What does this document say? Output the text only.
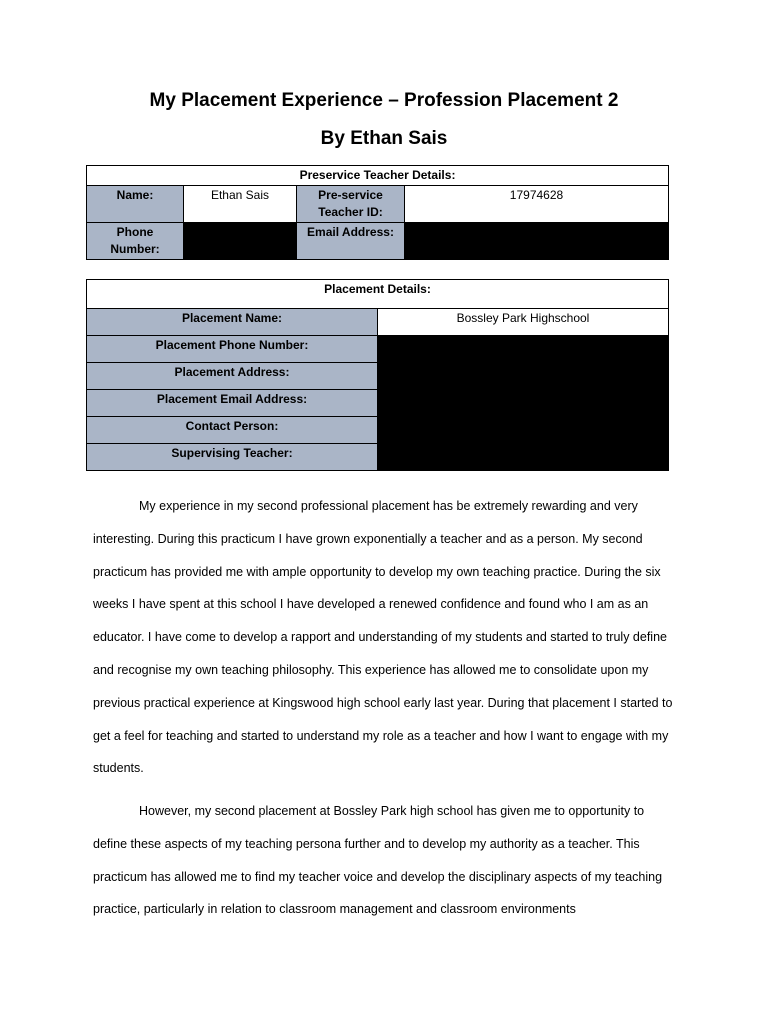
My Placement Experience – Profession Placement 2
By Ethan Sais
Preservice Teacher Details:			
Name:	Ethan Sais	Pre-service Teacher ID:	17974628
Phone Number:		Email Address:	
Placement Details:	
Placement Name:	Bossley Park Highschool
Placement Phone Number:	
Placement Address:	
Placement Email Address:	
Contact Person:	
Supervising Teacher:	
My experience in my second professional placement has be extremely rewarding and very interesting. During this practicum I have grown exponentially a teacher and as a person. My second practicum has provided me with ample opportunity to develop my own teaching practice. During the six weeks I have spent at this school I have developed a renewed confidence and found who I am as an educator. I have come to develop a rapport and understanding of my students and started to truly define and recognise my own teaching philosophy. This experience has allowed me to consolidate upon my previous practical experience at Kingswood high school early last year. During that placement I started to get a feel for teaching and started to understand my role as a teacher and how I want to engage with my students.
However, my second placement at Bossley Park high school has given me to opportunity to define these aspects of my teaching persona further and to develop my authority as a teacher. This practicum has allowed me to find my teacher voice and develop the disciplinary aspects of my teaching practice, particularly in relation to classroom management and classroom environments
